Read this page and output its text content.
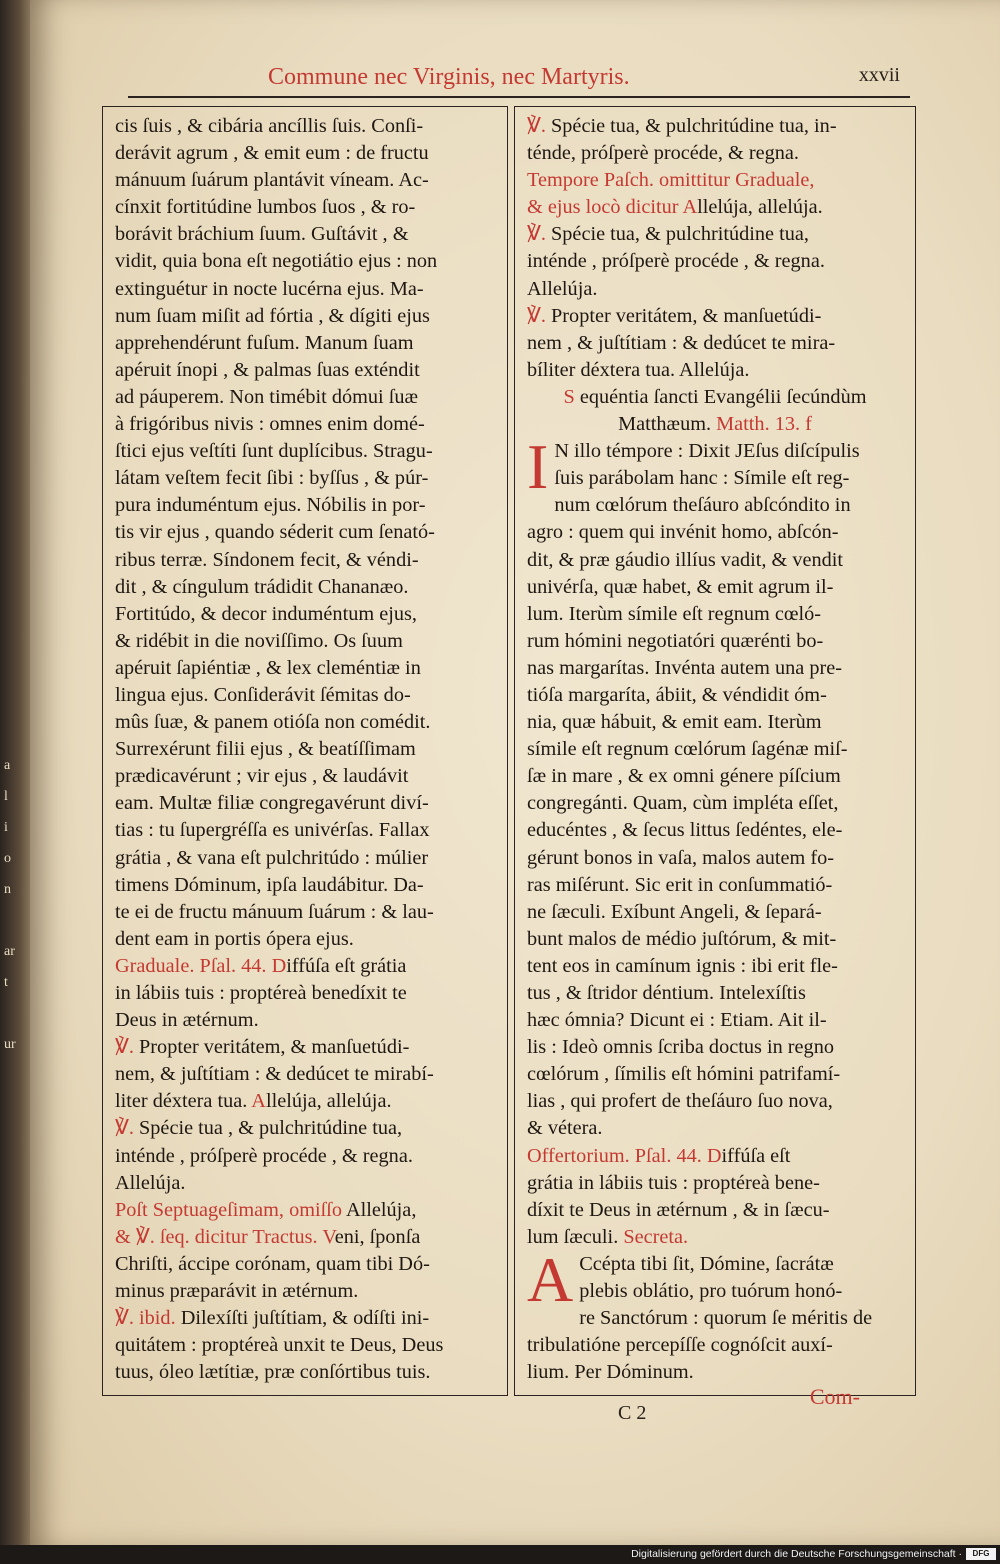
a
l
i
o
n
ar
t
ur
Commune nec Virginis, nec Martyris.	xxvii

cis ſuis , & cibária ancíllis ſuis. Conſi-

derávit agrum , & emit eum : de fructu

mánuum ſuárum plantávit víneam. Ac-

cínxit fortitúdine lumbos ſuos , & ro-

borávit bráchium ſuum. Guſtávit , &

vidit, quia bona eſt negotiátio ejus : non

extinguétur in nocte lucérna ejus. Ma-

num ſuam miſit ad fórtia , & dígiti ejus

apprehendérunt fuſum. Manum ſuam

apéruit ínopi , & palmas ſuas exténdit

ad páuperem. Non timébit dómui ſuæ

à frigóribus nivis : omnes enim domé-

ſtici ejus veſtíti ſunt duplícibus. Stragu-

látam veſtem fecit ſibi : byſſus , & púr-

pura induméntum ejus. Nóbilis in por-

tis vir ejus , quando séderit cum ſenató-

ribus terræ. Síndonem fecit, & véndi-

dit , & cíngulum trádidit Chananæo.

Fortitúdo, & decor induméntum ejus,

& ridébit in die noviſſimo. Os ſuum

apéruit ſapiéntiæ , & lex cleméntiæ in

lingua ejus. Conſiderávit ſémitas do-

mûs ſuæ, & panem otióſa non comédit.

Surrexérunt filii ejus , & beatíſſimam

prædicavérunt ; vir ejus , & laudávit

eam. Multæ filiæ congregavérunt diví-

tias : tu ſupergréſſa es univérſas. Fallax

grátia , & vana eſt pulchritúdo : múlier

timens Dóminum, ipſa laudábitur. Da-

te ei de fructu mánuum ſuárum : & lau-

dent eam in portis ópera ejus.

Graduale. Pſal. 44. Diffúſa eſt grátia

in lábiis tuis : proptéreà benedíxit te

Deus in ætérnum.

℣. Propter veritátem, & manſuetúdi-

nem, & juſtítiam : & dedúcet te mirabí-

liter déxtera tua. Allelúja, allelúja.

℣. Spécie tua , & pulchritúdine tua,

inténde , próſperè procéde , & regna.

Allelúja.

Poſt Septuageſimam, omiſſo Allelúja,

& ℣. ſeq. dicitur Tractus. Veni, ſponſa

Chriſti, áccipe corónam, quam tibi Dó-

minus præparávit in ætérnum.

℣. ibid. Dilexíſti juſtítiam, & odíſti ini-

quitátem : proptéreà unxit te Deus, Deus

tuus, óleo lætítiæ, præ conſórtibus tuis.

℣. Spécie tua, & pulchritúdine tua, in-

ténde, próſperè procéde, & regna.

Tempore Paſch. omittitur Graduale,

& ejus locò dicitur Allelúja, allelúja.

℣. Spécie tua, & pulchritúdine tua,

inténde , próſperè procéde , & regna.

Allelúja.

℣. Propter veritátem, & manſuetúdi-

nem , & juſtítiam : & dedúcet te mira-

bíliter déxtera tua. Allelúja.

S equéntia ſancti Evangélii ſecúndùm

Matthæum. Matth. 13. f

I N illo témpore : Dixit JEſus diſcípulis

ſuis parábolam hanc : Símile eſt reg-

num cœlórum theſáuro abſcóndito in

agro : quem qui invénit homo, abſcón-

dit, & præ gáudio illíus vadit, & vendit

univérſa, quæ habet, & emit agrum il-

lum. Iterùm símile eſt regnum cœló-

rum hómini negotiatóri quærénti bo-

nas margarítas. Invénta autem una pre-

tióſa margaríta, ábiit, & véndidit óm-

nia, quæ hábuit, & emit eam. Iterùm

símile eſt regnum cœlórum ſagénæ miſ-

ſæ in mare , & ex omni génere píſcium

congregánti. Quam, cùm impléta eſſet,

educéntes , & ſecus littus ſedéntes, ele-

gérunt bonos in vaſa, malos autem fo-

ras miſérunt. Sic erit in conſummatió-

ne ſæculi. Exíbunt Angeli, & ſepará-

bunt malos de médio juſtórum, & mit-

tent eos in camínum ignis : ibi erit fle-

tus , & ſtridor déntium. Intelexíſtis

hæc ómnia? Dicunt ei : Etiam. Ait il-

lis : Ideò omnis ſcriba doctus in regno

cœlórum , ſímilis eſt hómini patrifamí-

lias , qui profert de theſáuro ſuo nova,

& vétera.

Offertorium. Pſal. 44. Diffúſa eſt

grátia in lábiis tuis : proptéreà bene-

díxit te Deus in ætérnum , & in ſæcu-

lum ſæculi. Secreta.

A Ccépta tibi ſit, Dómine, ſacrátæ

plebis oblátio, pro tuórum honó-

re Sanctórum : quorum ſe méritis de

tribulatióne percepíſſe cognóſcit auxí-

lium. Per Dóminum.

Com-
C 2
Digitalisierung gefördert durch die Deutsche Forschungsgemeinschaft ·	DFG
